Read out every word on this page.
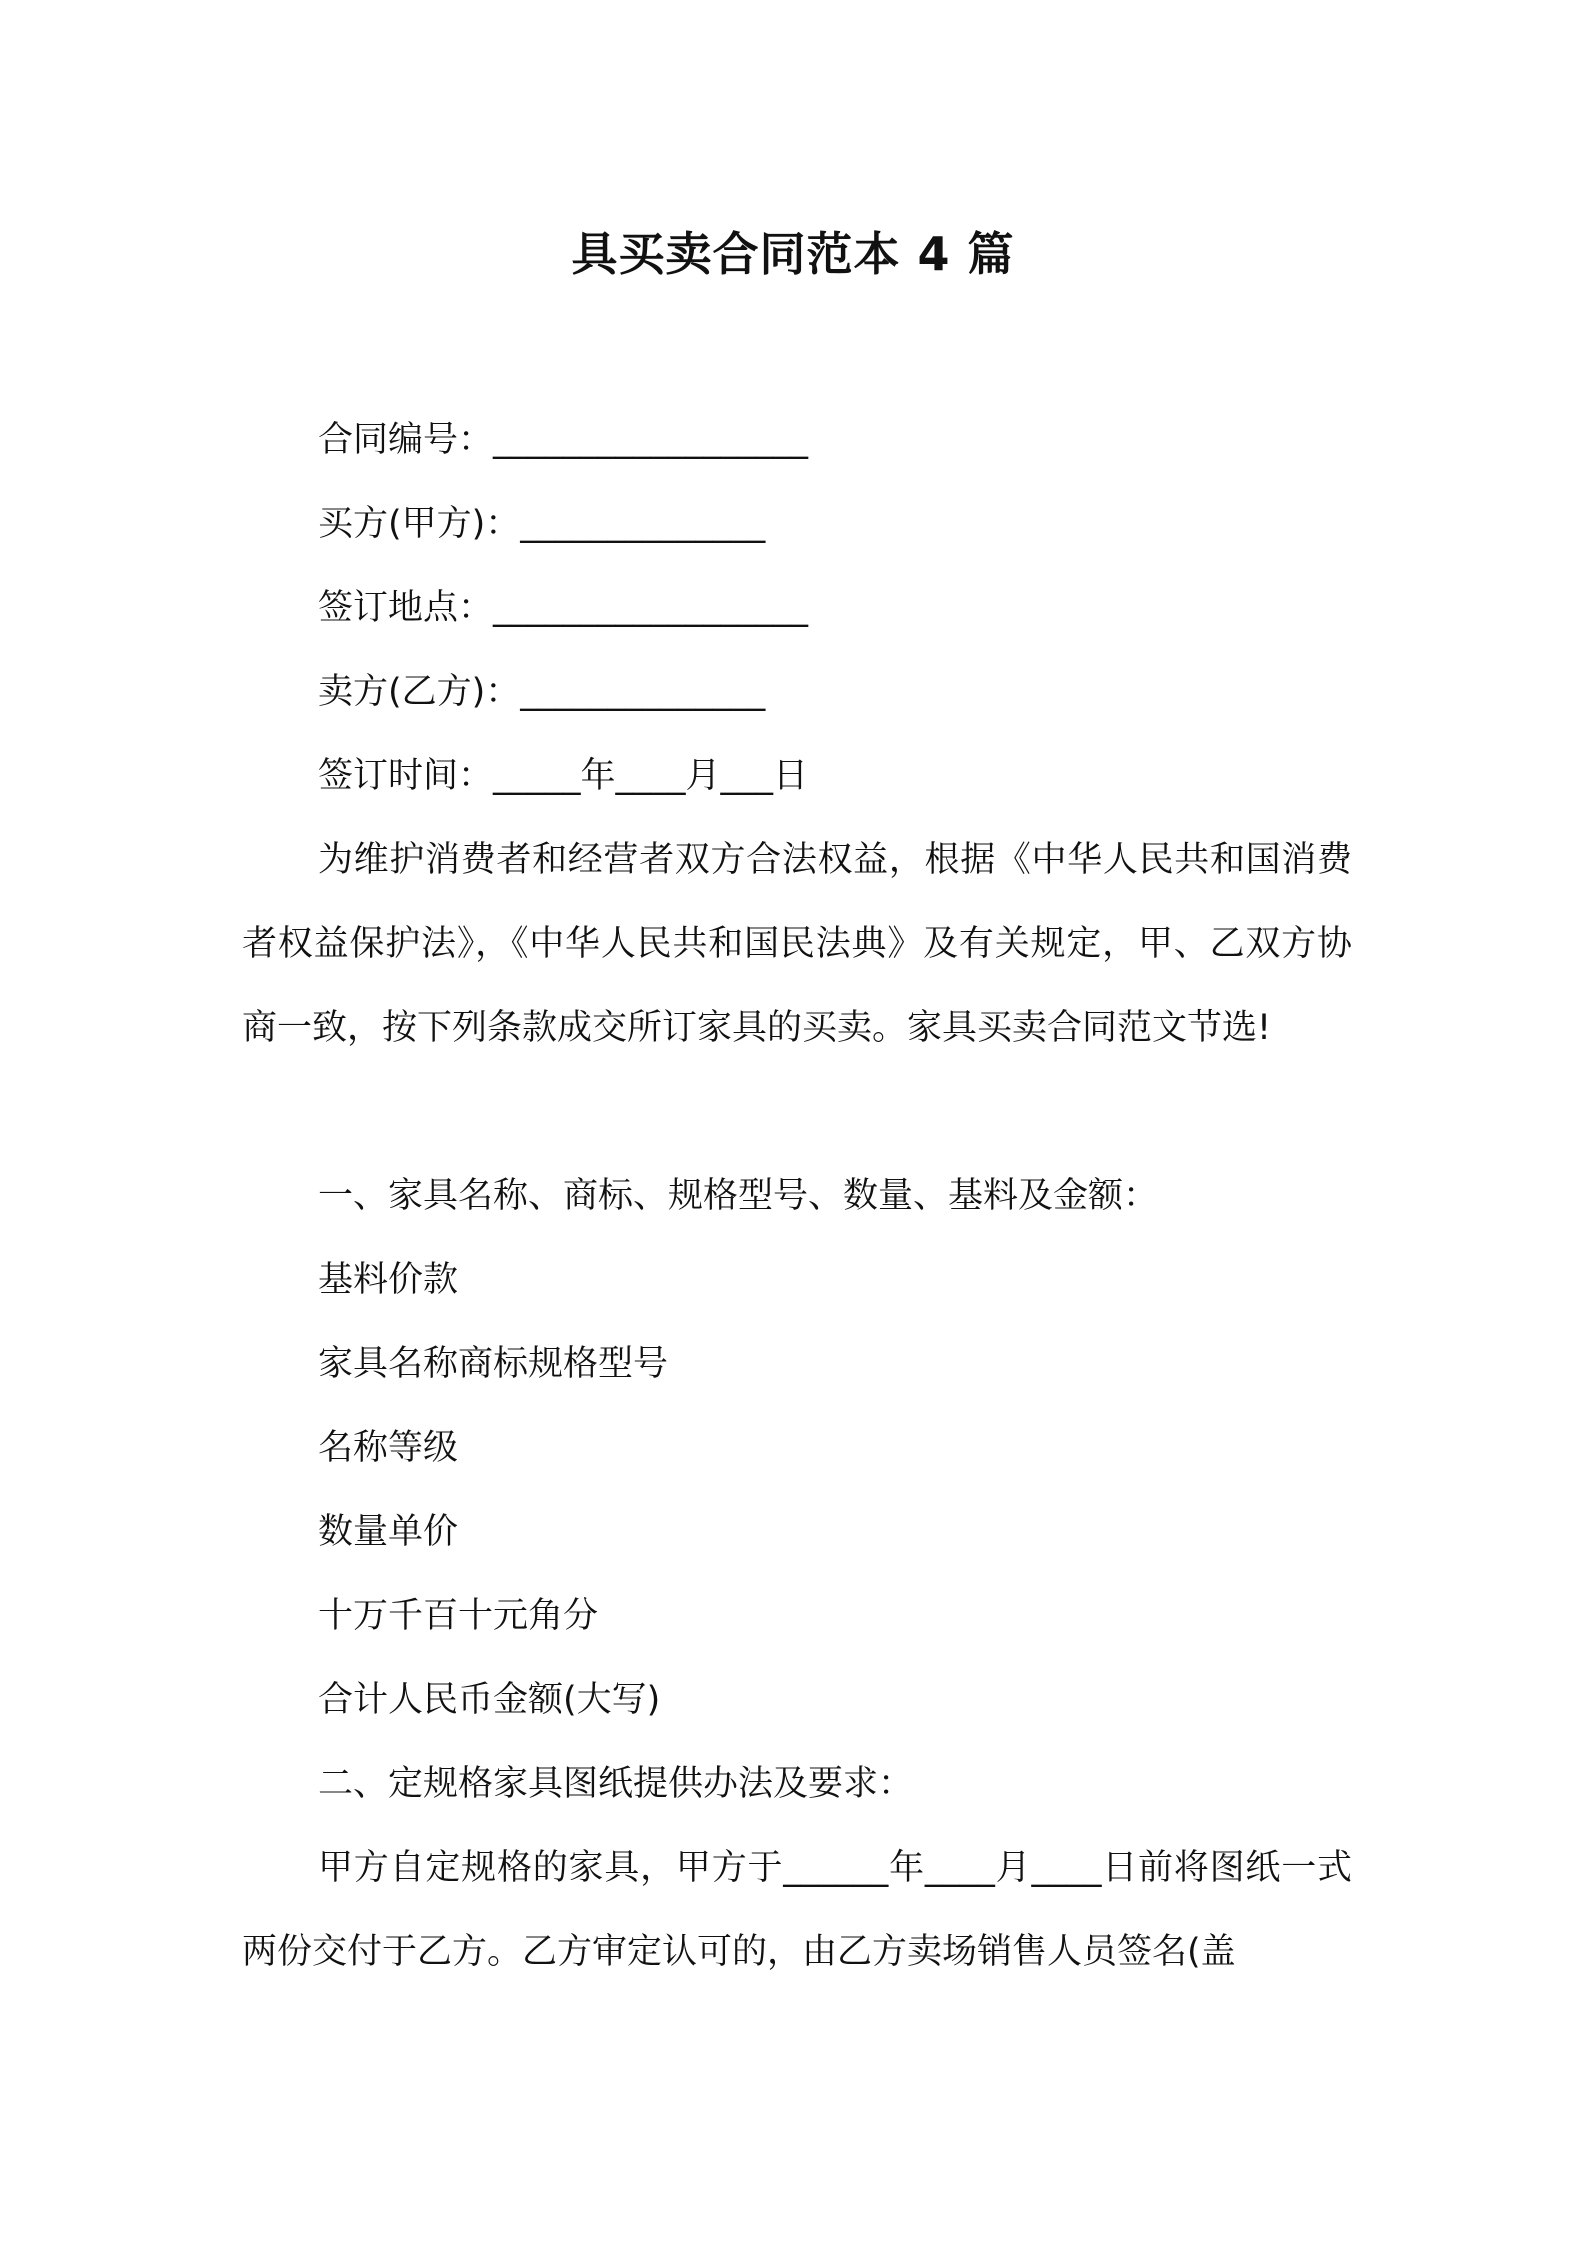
具买卖合同范本 4 篇

合同编号：__________________

买方(甲方)：______________

签订地点：__________________

卖方(乙方)：______________

签订时间：_____年____月___日

为维护消费者和经营者双方合法权益，根据《中华人民共和国消费者权益保护法》，《中华人民共和国民法典》及有关规定，甲、乙双方协商一致，按下列条款成交所订家具的买卖。家具买卖合同范文节选!

一、家具名称、商标、规格型号、数量、基料及金额：

基料价款

家具名称商标规格型号

名称等级

数量单价

十万千百十元角分

合计人民币金额(大写)

二、定规格家具图纸提供办法及要求：

甲方自定规格的家具，甲方于______年____月____日前将图纸一式两份交付于乙方。乙方审定认可的，由乙方卖场销售人员签名(盖
